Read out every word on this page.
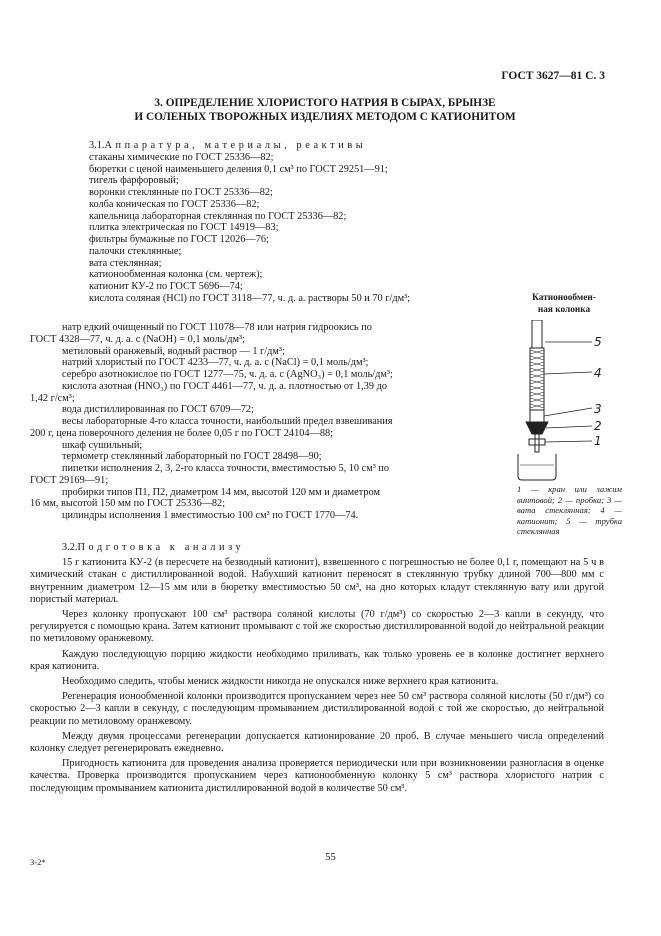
ГОСТ 3627—81 С. 3
3. ОПРЕДЕЛЕНИЕ ХЛОРИСТОГО НАТРИЯ В СЫРАХ, БРЫНЗЕ
И СОЛЕНЫХ ТВОРОЖНЫХ ИЗДЕЛИЯХ МЕТОДОМ С КАТИОНИТОМ
3.1.Аппаратура, материалы, реактивы
стаканы химические по ГОСТ 25336—82;
бюретки с ценой наименьшего деления 0,1 см³ по ГОСТ 29251—91;
тигель фарфоровый;
воронки стеклянные по ГОСТ 25336—82;
колба коническая по ГОСТ 25336—82;
капельница лабораторная стеклянная по ГОСТ 25336—82;
плитка электрическая по ГОСТ 14919—83;
фильтры бумажные по ГОСТ 12026—76;
палочки стеклянные;
вата стеклянная;
катионообменная колонка (см. чертеж);
катионит КУ-2 по ГОСТ 5696—74;
кислота соляная (HCl) по ГОСТ 3118—77, ч. д. а. растворы 50 и 70 г/дм³;
натр едкий очищенный по ГОСТ 11078—78 или натрия гидроокись по
ГОСТ 4328—77, ч. д. а. с (NaOH) = 0,1 моль/дм³;
метиловый оранжевый, водный раствор — 1 г/дм³;
натрий хлористый по ГОСТ 4233—77, ч. д. а. с (NaCl) = 0,1 моль/дм³;
серебро азотнокислое по ГОСТ 1277—75, ч. д. а. с (AgNO₃) = 0,1 моль/дм³;
кислота азотная (HNO₃) по ГОСТ 4461—77, ч. д. а. плотностью от 1,39 до
1,42 г/см³;
вода дистиллированная по ГОСТ 6709—72;
весы лабораторные 4-го класса точности, наибольший предел взвешивания
200 г, цена поверочного деления не более 0,05 г по ГОСТ 24104—88;
шкаф сушильный;
термометр стеклянный лабораторный по ГОСТ 28498—90;
пипетки исполнения 2, 3, 2-го класса точности, вместимостью 5, 10 см³ по
ГОСТ 29169—91;
пробирки типов П1, П2, диаметром 14 мм, высотой 120 мм и диаметром
16 мм, высотой 150 мм по ГОСТ 25336—82;
цилиндры исполнения 1 вместимостью 100 см³ по ГОСТ 1770—74.
Катионообмен-
ная колонка
5
4
3
2
1
1 — кран или зажим винтовой; 2 — пробка; 3 — вата стеклянная; 4 — катионит; 5 — трубка стеклянная

3.2.Подготовка к анализу

15 г катионита КУ-2 (в пересчете на безводный катионит), взвешенного с погрешностью не более 0,1 г, помещают на 5 ч в химический стакан с дистиллированной водой. Набухший катионит переносят в стеклянную трубку длиной 700—800 мм с внутренним диаметром 12—15 мм или в бюретку вместимостью 50 см³, на дно которых кладут стеклянную вату или другой пористый материал.

Через колонку пропускают 100 см³ раствора соляной кислоты (70 г/дм³) со скоростью 2—3 капли в секунду, что регулируется с помощью крана. Затем катионит промывают с той же скоростью дистиллированной водой до нейтральной реакции по метиловому оранжевому.

Каждую последующую порцию жидкости необходимо приливать, как только уровень ее в колонке достигнет верхнего края катионита.

Необходимо следить, чтобы мениск жидкости никогда не опускался ниже верхнего края катионита.

Регенерация ионообменной колонки производится пропусканием через нее 50 см³ раствора соляной кислоты (50 г/дм³) со скоростью 2—3 капли в секунду, с последующим промыванием дистиллированной водой с той же скоростью, до нейтральной реакции по метиловому оранжевому.

Между двумя процессами регенерации допускается катионирование 20 проб. В случае меньшего числа определений колонку следует регенерировать ежедневно.

Пригодность катионита для проведения анализа проверяется периодически или при возникновении разногласия в оценке качества. Проверка производится пропусканием через катионообменную колонку 5 см³ раствора хлористого натрия с последующим промыванием катионита дистиллированной водой в количестве 50 см³.

3-2*	55
